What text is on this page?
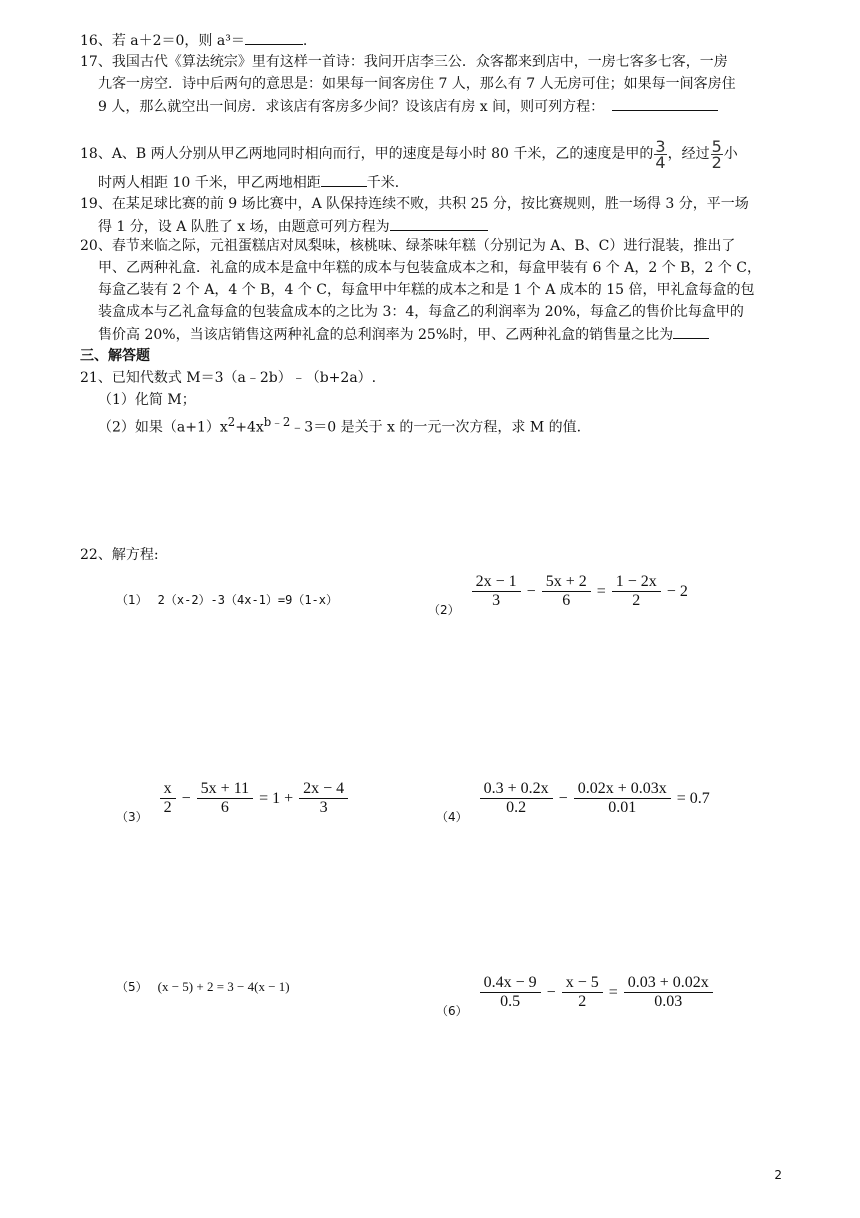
16、若 a＋2＝0，则 a³＝	.
17、我国古代《算法统宗》里有这样一首诗：我问开店李三公．众客都来到店中，一房七客多七客，一房
九客一房空．诗中后两句的意思是：如果每一间客房住 7 人，那么有 7 人无房可住；如果每一间客房住
9 人，那么就空出一间房．求该店有客房多少间？设该店有房 x 间，则可列方程：
18、A、B 两人分别从甲乙两地同时相向而行，甲的速度是每小时 80 千米，乙的速度是甲的 $\frac{3}{4}$ ，经过 $\frac{5}{2}$ 小
时两人相距 10 千米，甲乙两地相距	千米．
19、在某足球比赛的前 9 场比赛中，A 队保持连续不败，共积 25 分，按比赛规则，胜一场得 3 分，平一场
得 1 分，设 A 队胜了 x 场，由题意可列方程为
20、春节来临之际，元祖蛋糕店对凤梨味，核桃味、绿茶味年糕（分别记为 A、B、C）进行混装，推出了
甲、乙两种礼盒．礼盒的成本是盒中年糕的成本与包装盒成本之和，每盒甲装有 6 个 A，2 个 B，2 个 C，
每盒乙装有 2 个 A，4 个 B，4 个 C，每盒甲中年糕的成本之和是 1 个 A 成本的 15 倍，甲礼盒每盒的包
装盒成本与乙礼盒每盒的包装盒成本的之比为 3：4，每盒乙的利润率为 20%，每盒乙的售价比每盒甲的
售价高 20%，当该店销售这两种礼盒的总利润率为 25%时，甲、乙两种礼盒的销售量之比为
三、解答题
21、已知代数式 M＝3（a﹣2b）﹣（b+2a）.
（1）化简 M；
（2）如果$(a+1)x^2+4x^{b﹣2}﹣3=0$ 是关于 x 的一元一次方程，求 M 的值.
22、解方程:
（1） 2（x-2）-3（4x-1）=9（1-x）
$(2) \frac{2x - 1}{3} - \frac{5x + 2}{6} = \frac{1 - 2x}{2} - 2$
$(3) \frac{x}{2} - \frac{5x + 11}{6} = 1 + \frac{2x - 4}{3}$	$(4) \frac{0.3 + 0.2x}{0.2} - \frac{0.02x + 0.03x}{0.01} = 0.7$
（5） (x − 5) + 2 = 3 − 4(x − 1)
$(6) \frac{0.4x - 9}{0.5} - \frac{x - 5}{2} = \frac{0.03 + 0.02x}{0.03}$
2
